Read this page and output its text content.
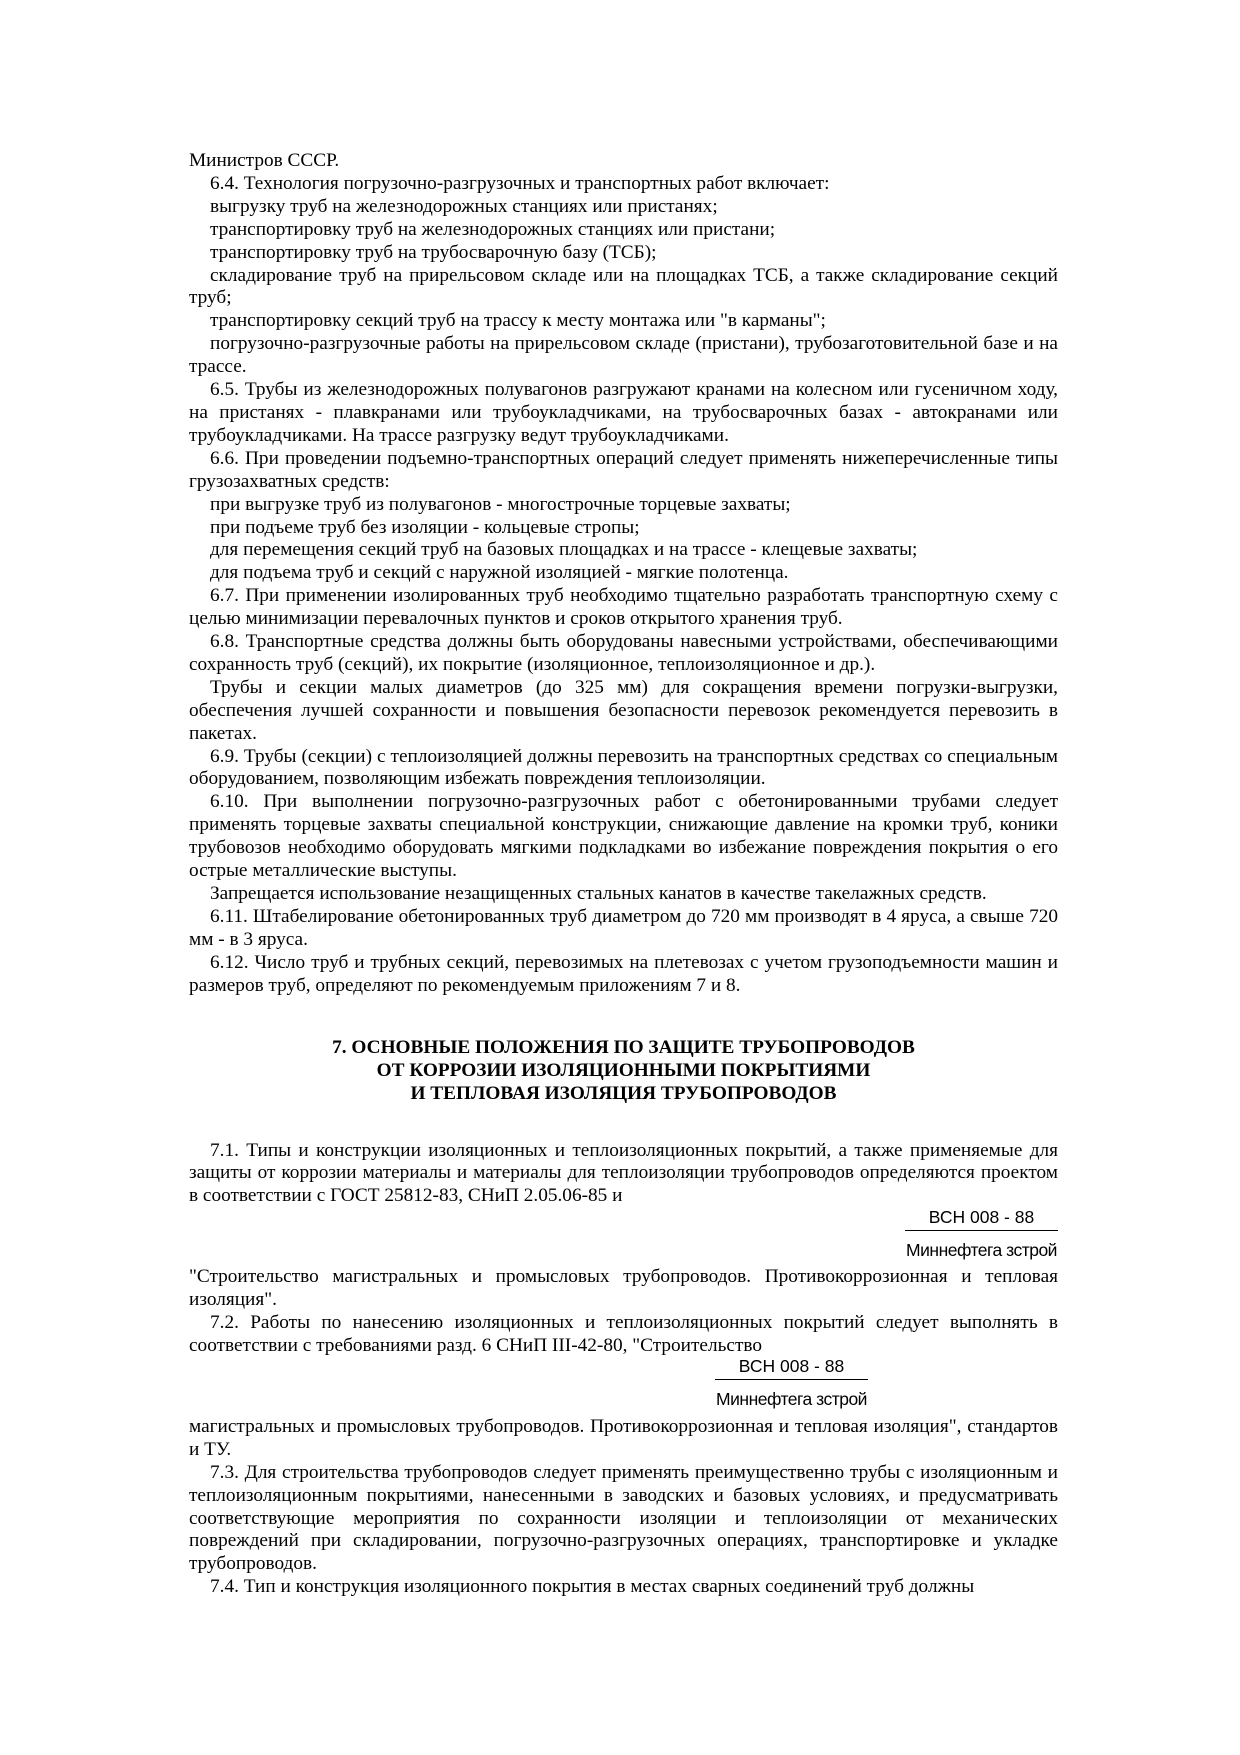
Министров СССР.

6.4. Технология погрузочно-разгрузочных и транспортных работ включает:

выгрузку труб на железнодорожных станциях или пристанях;

транспортировку труб на железнодорожных станциях или пристани;

транспортировку труб на трубосварочную базу (ТСБ);

складирование труб на прирельсовом складе или на площадках ТСБ, а также складирование секций труб;

транспортировку секций труб на трассу к месту монтажа или "в карманы";

погрузочно-разгрузочные работы на прирельсовом складе (пристани), трубозаготовительной базе и на трассе.

6.5. Трубы из железнодорожных полувагонов разгружают кранами на колесном или гусеничном ходу, на пристанях - плавкранами или трубоукладчиками, на трубосварочных базах - автокранами или трубоукладчиками. На трассе разгрузку ведут трубоукладчиками.

6.6. При проведении подъемно-транспортных операций следует применять нижеперечисленные типы грузозахватных средств:

при выгрузке труб из полувагонов - многострочные торцевые захваты;

при подъеме труб без изоляции - кольцевые стропы;

для перемещения секций труб на базовых площадках и на трассе - клещевые захваты;

для подъема труб и секций с наружной изоляцией - мягкие полотенца.

6.7. При применении изолированных труб необходимо тщательно разработать транспортную схему с целью минимизации перевалочных пунктов и сроков открытого хранения труб.

6.8. Транспортные средства должны быть оборудованы навесными устройствами, обеспечивающими сохранность труб (секций), их покрытие (изоляционное, теплоизоляционное и др.).

Трубы и секции малых диаметров (до 325 мм) для сокращения времени погрузки-выгрузки, обеспечения лучшей сохранности и повышения безопасности перевозок рекомендуется перевозить в пакетах.

6.9. Трубы (секции) с теплоизоляцией должны перевозить на транспортных средствах со специальным оборудованием, позволяющим избежать повреждения теплоизоляции.

6.10. При выполнении погрузочно-разгрузочных работ с обетонированными трубами следует применять торцевые захваты специальной конструкции, снижающие давление на кромки труб, коники трубовозов необходимо оборудовать мягкими подкладками во избежание повреждения покрытия о его острые металлические выступы.

Запрещается использование незащищенных стальных канатов в качестве такелажных средств.

6.11. Штабелирование обетонированных труб диаметром до 720 мм производят в 4 яруса, а свыше 720 мм - в 3 яруса.

6.12. Число труб и трубных секций, перевозимых на плетевозах с учетом грузоподъемности машин и размеров труб, определяют по рекомендуемым приложениям 7 и 8.

7. ОСНОВНЫЕ ПОЛОЖЕНИЯ ПО ЗАЩИТЕ ТРУБОПРОВОДОВ
ОТ КОРРОЗИИ ИЗОЛЯЦИОННЫМИ ПОКРЫТИЯМИ
И ТЕПЛОВАЯ ИЗОЛЯЦИЯ ТРУБОПРОВОДОВ

7.1. Типы и конструкции изоляционных и теплоизоляционных покрытий, а также применяемые для защиты от коррозии материалы и материалы для теплоизоляции трубопроводов определяются проектом в соответствии с ГОСТ 25812-83, СНиП 2.05.06-85 и

ВСН 008 - 88
Миннефтега зстрой

"Строительство магистральных и промысловых трубопроводов. Противокоррозионная и тепловая изоляция".

7.2. Работы по нанесению изоляционных и теплоизоляционных покрытий следует выполнять в соответствии с требованиями разд. 6 СНиП III-42-80, "Строительство

ВСН 008 - 88
Миннефтега зстрой

магистральных и промысловых трубопроводов. Противокоррозионная и тепловая изоляция", стандартов и ТУ.

7.3. Для строительства трубопроводов следует применять преимущественно трубы с изоляционным и теплоизоляционным покрытиями, нанесенными в заводских и базовых условиях, и предусматривать соответствующие мероприятия по сохранности изоляции и теплоизоляции от механических повреждений при складировании, погрузочно-разгрузочных операциях, транспортировке и укладке трубопроводов.

7.4. Тип и конструкция изоляционного покрытия в местах сварных соединений труб должны
